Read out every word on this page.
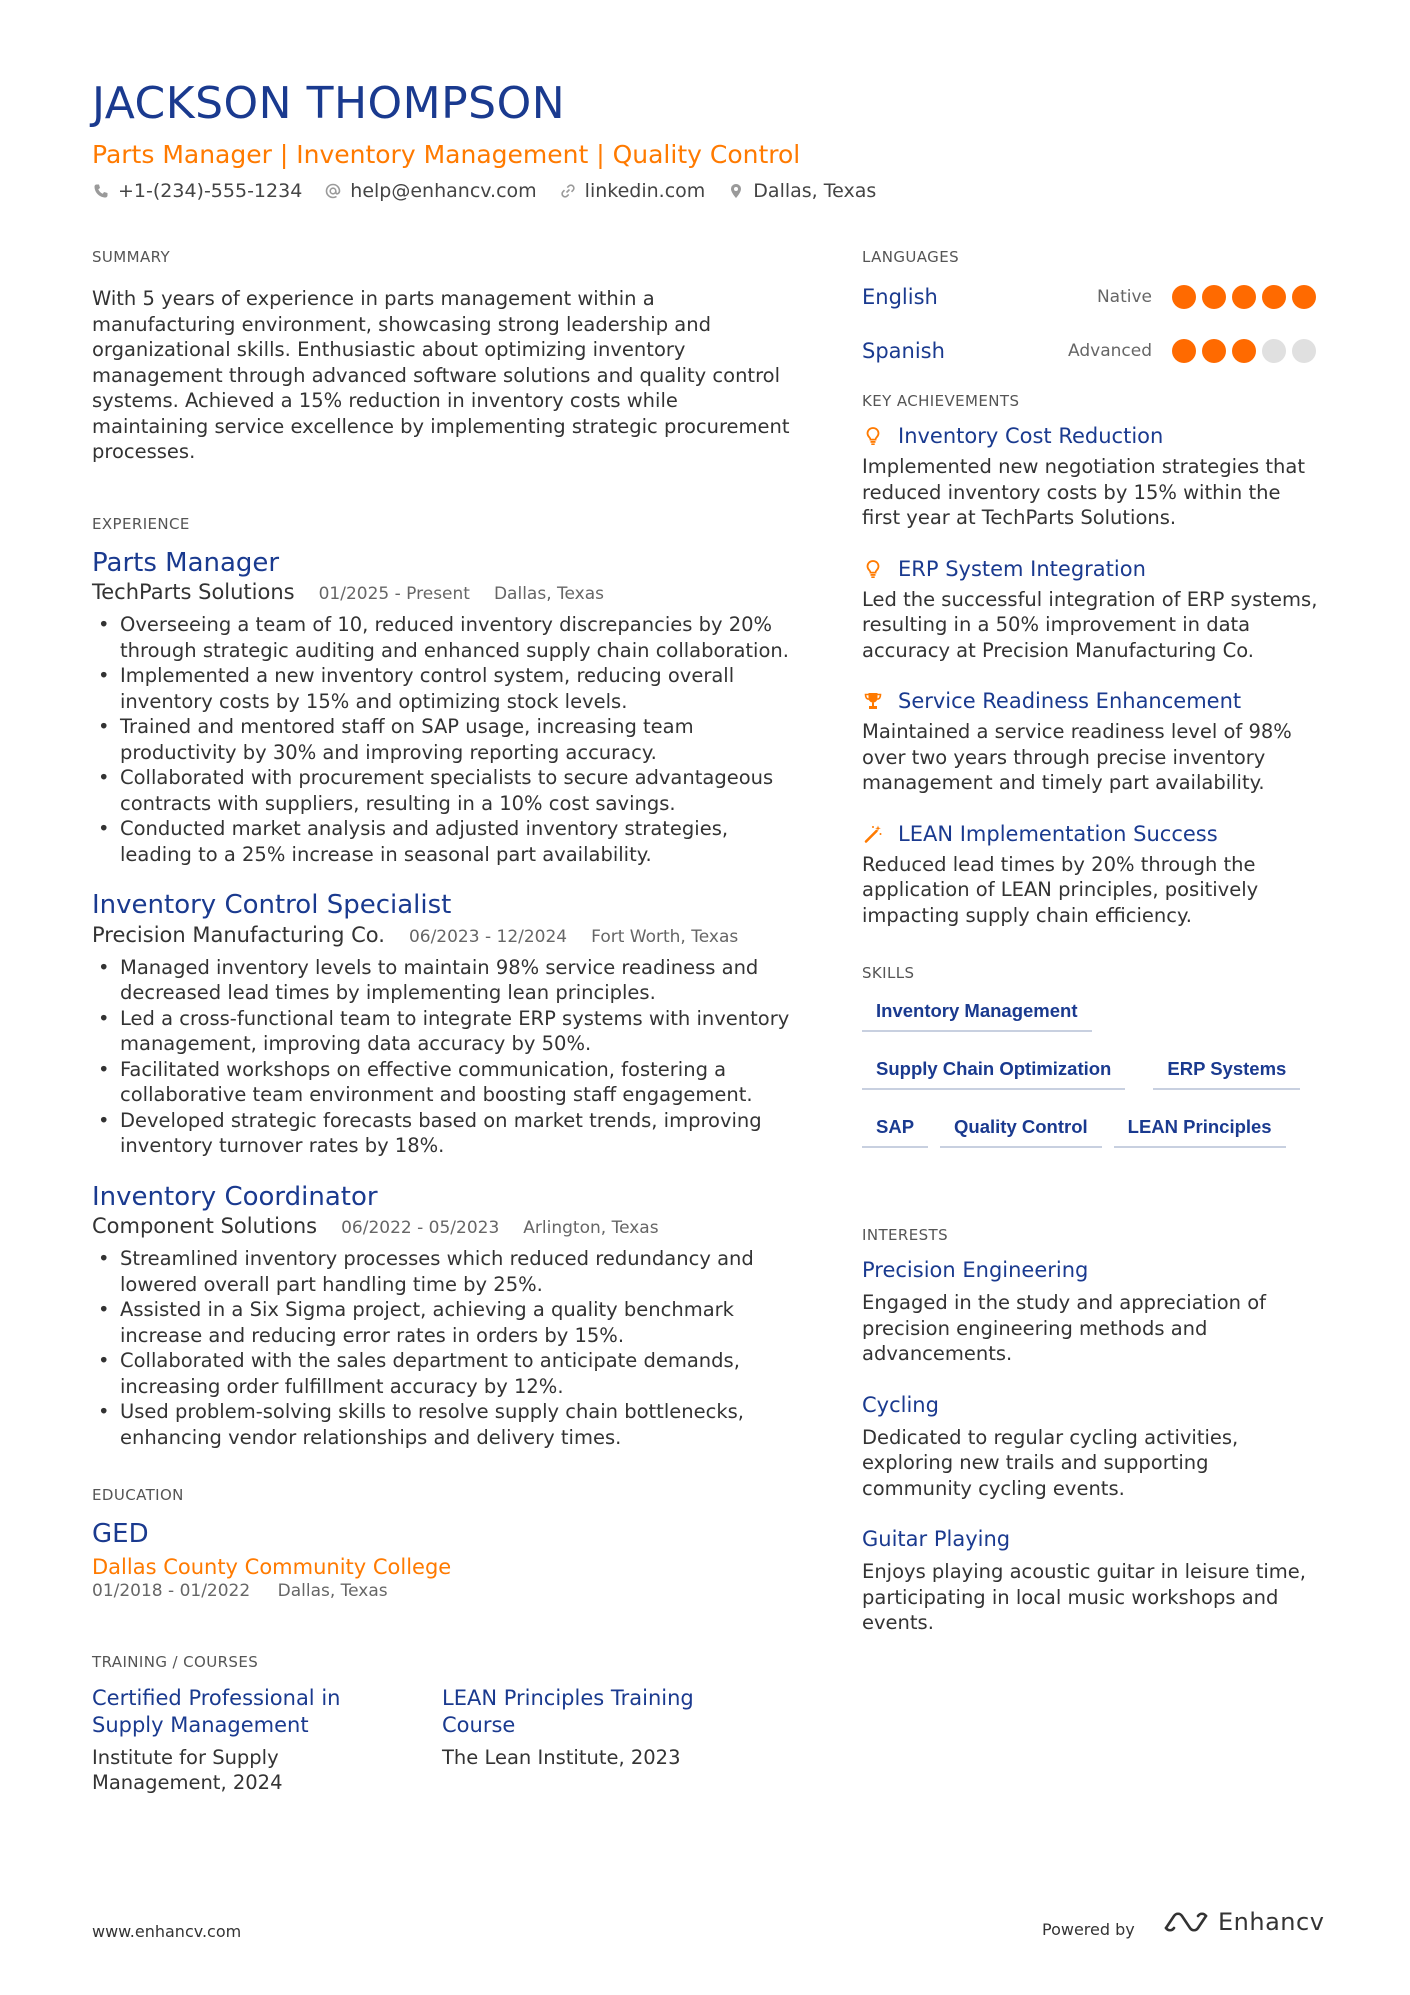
JACKSON THOMPSON
Parts Manager | Inventory Management | Quality Control
+1-(234)-555-1234	help@enhancv.com	linkedin.com	Dallas, Texas
SUMMARY

With 5 years of experience in parts management within a manufacturing environment, showcasing strong leadership and organizational skills. Enthusiastic about optimizing inventory management through advanced software solutions and quality control systems. Achieved a 15% reduction in inventory costs while maintaining service excellence by implementing strategic procurement processes.

EXPERIENCE
Parts Manager
TechParts Solutions 01/2025 - Present Dallas, Texas
• Overseeing a team of 10, reduced inventory discrepancies by 20% through strategic auditing and enhanced supply chain collaboration.
• Implemented a new inventory control system, reducing overall inventory costs by 15% and optimizing stock levels.
• Trained and mentored staff on SAP usage, increasing team productivity by 30% and improving reporting accuracy.
• Collaborated with procurement specialists to secure advantageous contracts with suppliers, resulting in a 10% cost savings.
• Conducted market analysis and adjusted inventory strategies, leading to a 25% increase in seasonal part availability.
Inventory Control Specialist
Precision Manufacturing Co. 06/2023 - 12/2024 Fort Worth, Texas
• Managed inventory levels to maintain 98% service readiness and decreased lead times by implementing lean principles.
• Led a cross-functional team to integrate ERP systems with inventory management, improving data accuracy by 50%.
• Facilitated workshops on effective communication, fostering a collaborative team environment and boosting staff engagement.
• Developed strategic forecasts based on market trends, improving inventory turnover rates by 18%.
Inventory Coordinator
Component Solutions 06/2022 - 05/2023 Arlington, Texas
• Streamlined inventory processes which reduced redundancy and lowered overall part handling time by 25%.
• Assisted in a Six Sigma project, achieving a quality benchmark increase and reducing error rates in orders by 15%.
• Collaborated with the sales department to anticipate demands, increasing order fulfillment accuracy by 12%.
• Used problem-solving skills to resolve supply chain bottlenecks, enhancing vendor relationships and delivery times.
EDUCATION
GED
Dallas County Community College
01/2018 - 01/2022 Dallas, Texas
TRAINING / COURSES
Certified Professional in Supply Management
Institute for Supply Management, 2024
LEAN Principles Training Course
The Lean Institute, 2023
LANGUAGES
English	Native
Spanish	Advanced
KEY ACHIEVEMENTS
Inventory Cost Reduction
Implemented new negotiation strategies that reduced inventory costs by 15% within the first year at TechParts Solutions.
ERP System Integration
Led the successful integration of ERP systems, resulting in a 50% improvement in data accuracy at Precision Manufacturing Co.
Service Readiness Enhancement
Maintained a service readiness level of 98% over two years through precise inventory management and timely part availability.
LEAN Implementation Success
Reduced lead times by 20% through the application of LEAN principles, positively impacting supply chain efficiency.
SKILLS
Inventory Management
Supply Chain Optimization	ERP Systems
SAP	Quality Control	LEAN Principles
INTERESTS
Precision Engineering
Engaged in the study and appreciation of precision engineering methods and advancements.
Cycling
Dedicated to regular cycling activities, exploring new trails and supporting community cycling events.
Guitar Playing
Enjoys playing acoustic guitar in leisure time, participating in local music workshops and events.
www.enhancv.com	Powered by	Enhancv
